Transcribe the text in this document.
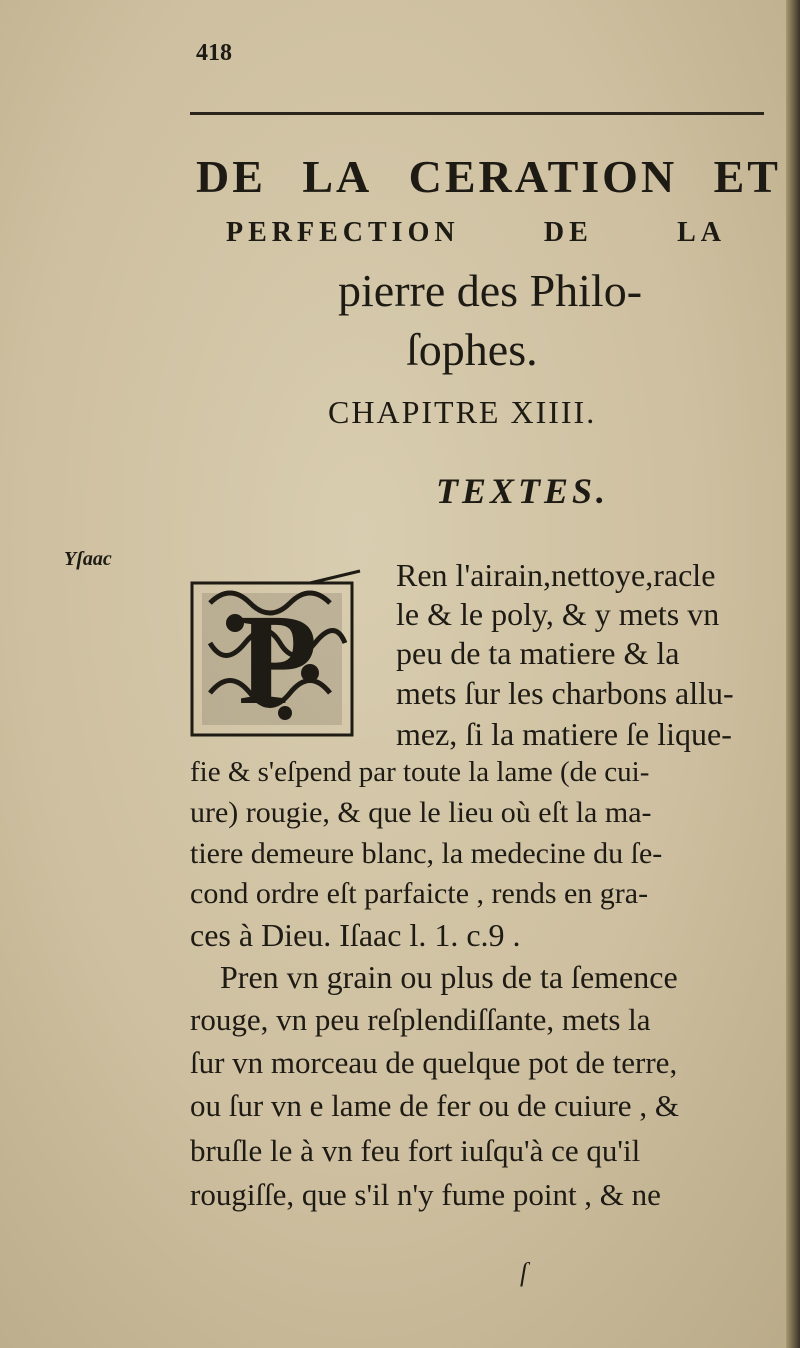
418
DE LA CERATION ET
PERFECTION	DE	LA
pierre des Philo-
ſophes.
CHAPITRE XIIII.
TEXTES.
Yſaac
P
Ren l'airain,nettoye,racle
le & le poly, & y mets vn
peu de ta matiere & la
mets ſur les charbons allu-
mez, ſi la matiere ſe lique-
fie & s'eſpend par toute la lame (de cui-
ure) rougie, & que le lieu où eſt la ma-
tiere demeure blanc, la medecine du ſe-
cond ordre eſt parfaicte , rends en gra-
ces à Dieu. Iſaac l. 1. c.9 .
Pren vn grain ou plus de ta ſemence
rouge, vn peu reſplendiſſante, mets la
ſur vn morceau de quelque pot de terre,
ou ſur vn e lame de fer ou de cuiure , &
bruſle le à vn feu fort iuſqu'à ce qu'il
rougiſſe, que s'il n'y fume point , & ne
ſ
